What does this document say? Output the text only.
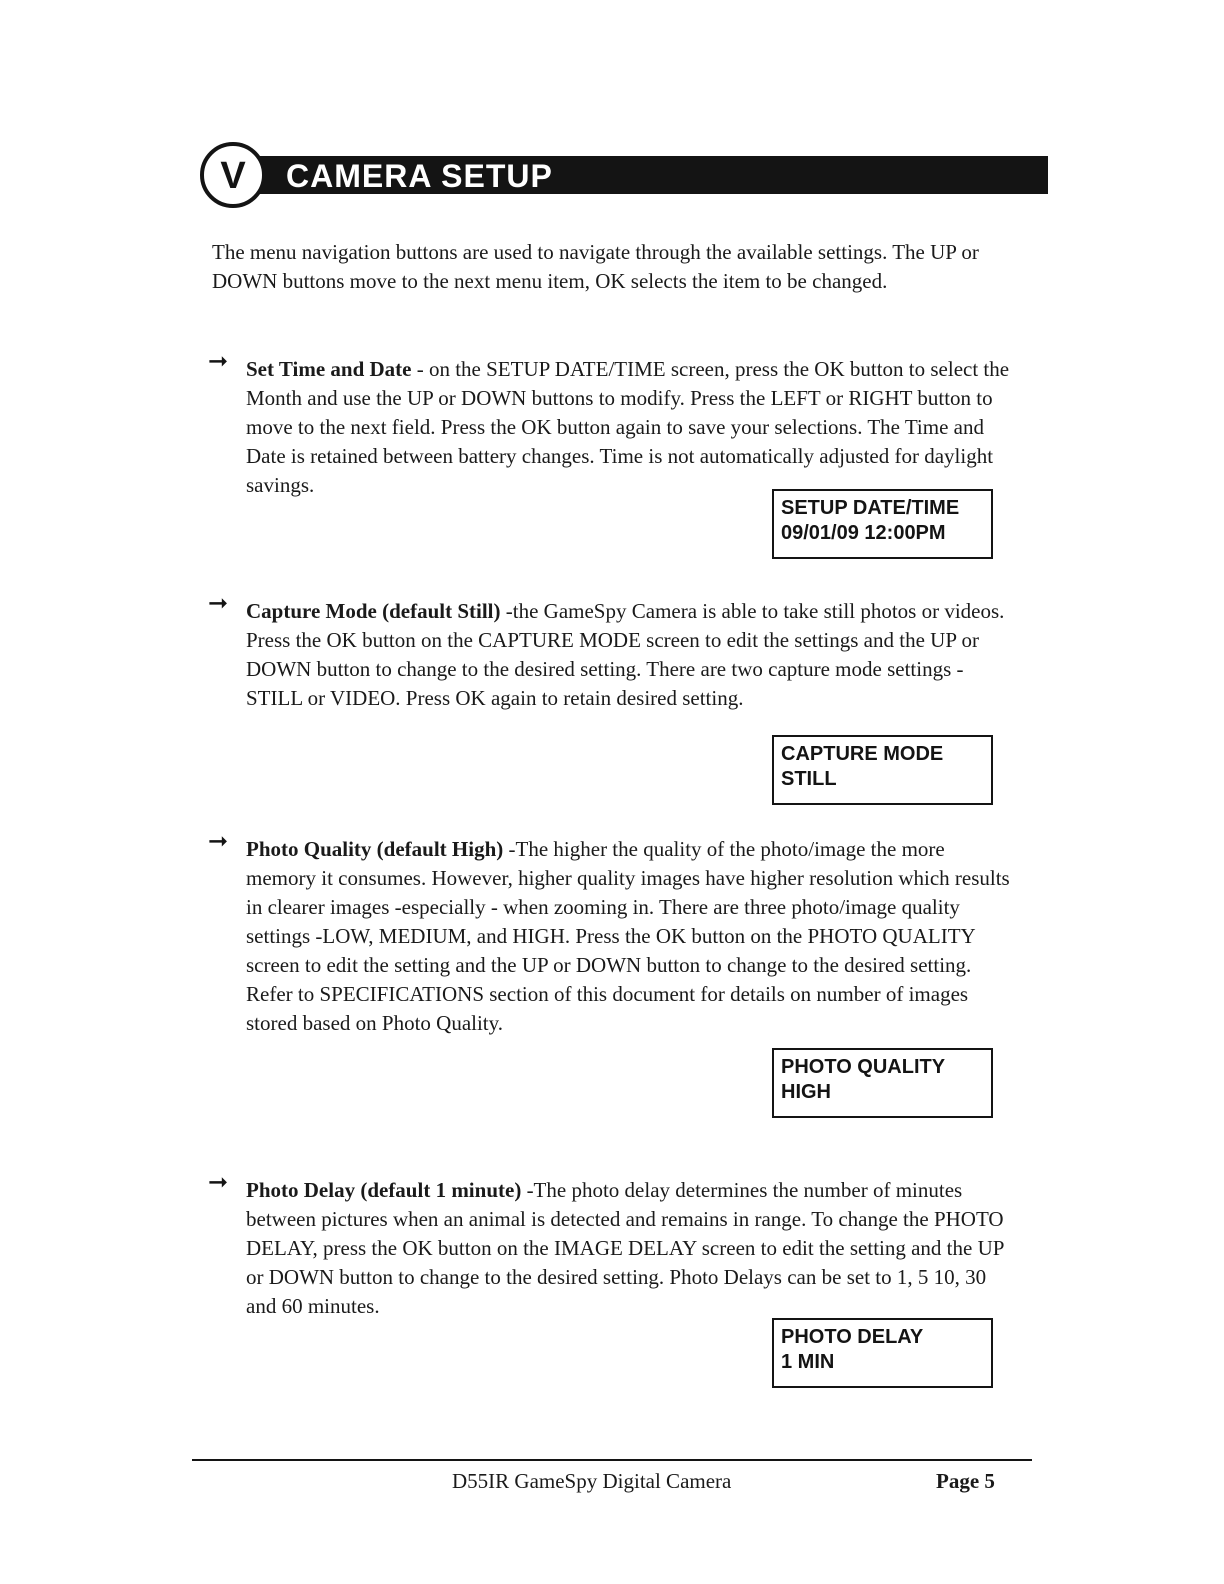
CAMERA SETUP
V

The menu navigation buttons are used to navigate through the available settings. The UP or DOWN buttons move to the next menu item, OK selects the item to be changed.

➞ Set Time and Date - on the SETUP DATE/TIME screen, press the OK button to select the Month and use the UP or DOWN buttons to modify. Press the LEFT or RIGHT button to move to the next field. Press the OK button again to save your selections. The Time and Date is retained between battery changes. Time is not automatically adjusted for daylight savings.

SETUP DATE/TIME
09/01/09 12:00PM
➞ Capture Mode (default Still) -the GameSpy Camera is able to take still photos or videos. Press the OK button on the CAPTURE MODE screen to edit the settings and the UP or DOWN button to change to the desired setting. There are two capture mode settings -STILL or VIDEO. Press OK again to retain desired setting.

CAPTURE MODE
STILL
➞ Photo Quality (default High) -The higher the quality of the photo/image the more memory it consumes. However, higher quality images have higher resolution which results in clearer images -especially - when zooming in. There are three photo/image quality settings -LOW, MEDIUM, and HIGH. Press the OK button on the PHOTO QUALITY screen to edit the setting and the UP or DOWN button to change to the desired setting. Refer to SPECIFICATIONS section of this document for details on number of images stored based on Photo Quality.

PHOTO QUALITY
HIGH
➞ Photo Delay (default 1 minute) -The photo delay determines the number of minutes between pictures when an animal is detected and remains in range. To change the PHOTO DELAY, press the OK button on the IMAGE DELAY screen to edit the setting and the UP or DOWN button to change to the desired setting. Photo Delays can be set to 1, 5 10, 30 and 60 minutes.

PHOTO DELAY
1 MIN
D55IR GameSpy Digital Camera	Page 5
